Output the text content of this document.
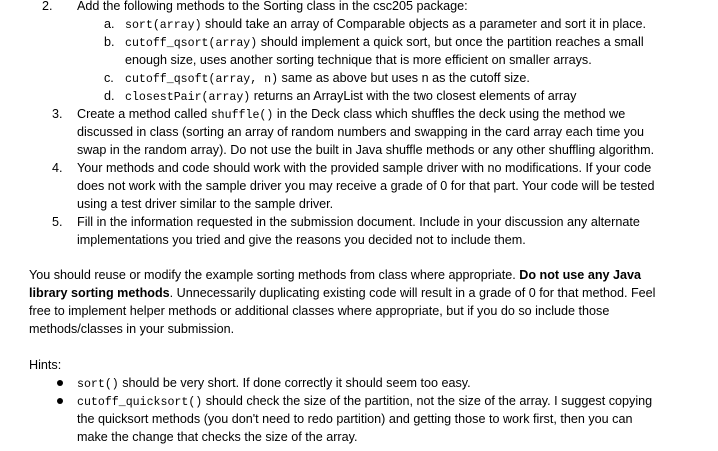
2. Add the following methods to the Sorting class in the csc205 package:
a. sort(array) should take an array of Comparable objects as a parameter and sort it in place.
b. cutoff_qsort(array) should implement a quick sort, but once the partition reaches a small
enough size, uses another sorting technique that is more efficient on smaller arrays.
c. cutoff_qsoft(array, n) same as above but uses n as the cutoff size.
d. closestPair(array) returns an ArrayList with the two closest elements of array
3. Create a method called shuffle() in the Deck class which shuffles the deck using the method we
discussed in class (sorting an array of random numbers and swapping in the card array each time you
swap in the random array). Do not use the built in Java shuffle methods or any other shuffling algorithm.
4. Your methods and code should work with the provided sample driver with no modifications. If your code
does not work with the sample driver you may receive a grade of 0 for that part. Your code will be tested
using a test driver similar to the sample driver.
5. Fill in the information requested in the submission document. Include in your discussion any alternate
implementations you tried and give the reasons you decided not to include them.
You should reuse or modify the example sorting methods from class where appropriate. Do not use any Java
library sorting methods. Unnecessarily duplicating existing code will result in a grade of 0 for that method. Feel
free to implement helper methods or additional classes where appropriate, but if you do so include those
methods/classes in your submission.
Hints:
sort() should be very short. If done correctly it should seem too easy.
cutoff_quicksort() should check the size of the partition, not the size of the array. I suggest copying
the quicksort methods (you don't need to redo partition) and getting those to work first, then you can
make the change that checks the size of the array.
